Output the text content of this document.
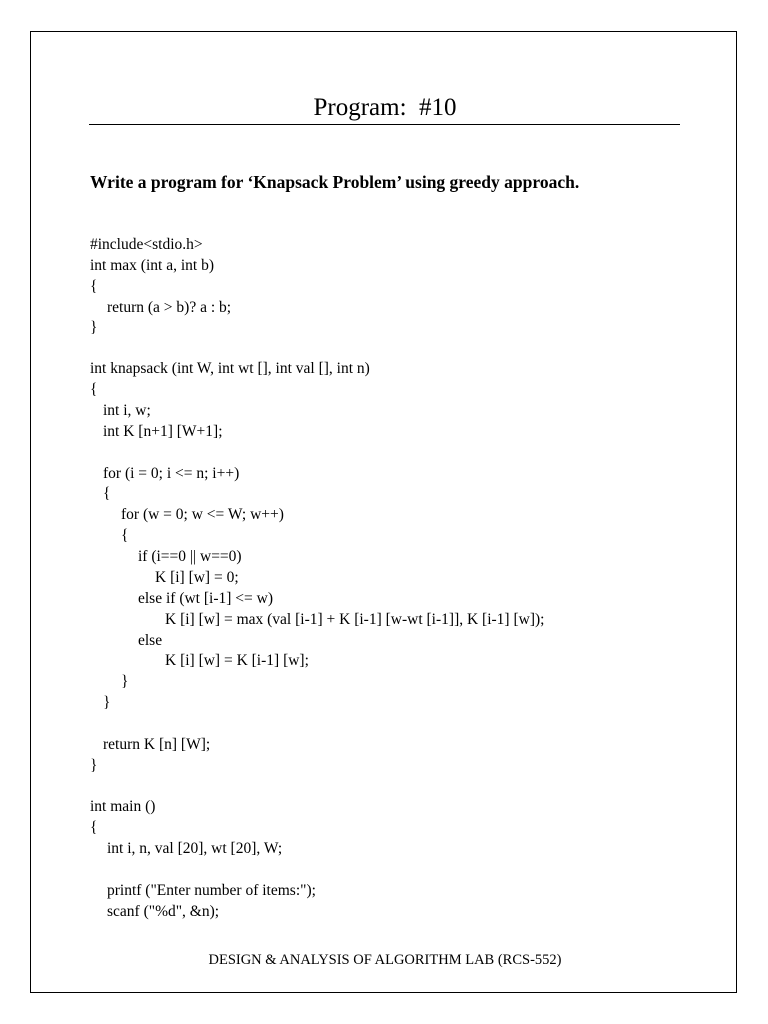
Program:  #10
Write a program for ‘Knapsack Problem’ using greedy approach.
#include<stdio.h>
int max (int a, int b)
{
return (a > b)? a : b;
}
int knapsack (int W, int wt [], int val [], int n)
{
int i, w;
int K [n+1] [W+1];
for (i = 0; i <= n; i++)
{
for (w = 0; w <= W; w++)
{
if (i==0 || w==0)
K [i] [w] = 0;
else if (wt [i-1] <= w)
K [i] [w] = max (val [i-1] + K [i-1] [w-wt [i-1]], K [i-1] [w]);
else
K [i] [w] = K [i-1] [w];
}
}
return K [n] [W];
}
int main ()
{
int i, n, val [20], wt [20], W;
printf ("Enter number of items:");
scanf ("%d", &n);
DESIGN & ANALYSIS OF ALGORITHM LAB (RCS-552)
